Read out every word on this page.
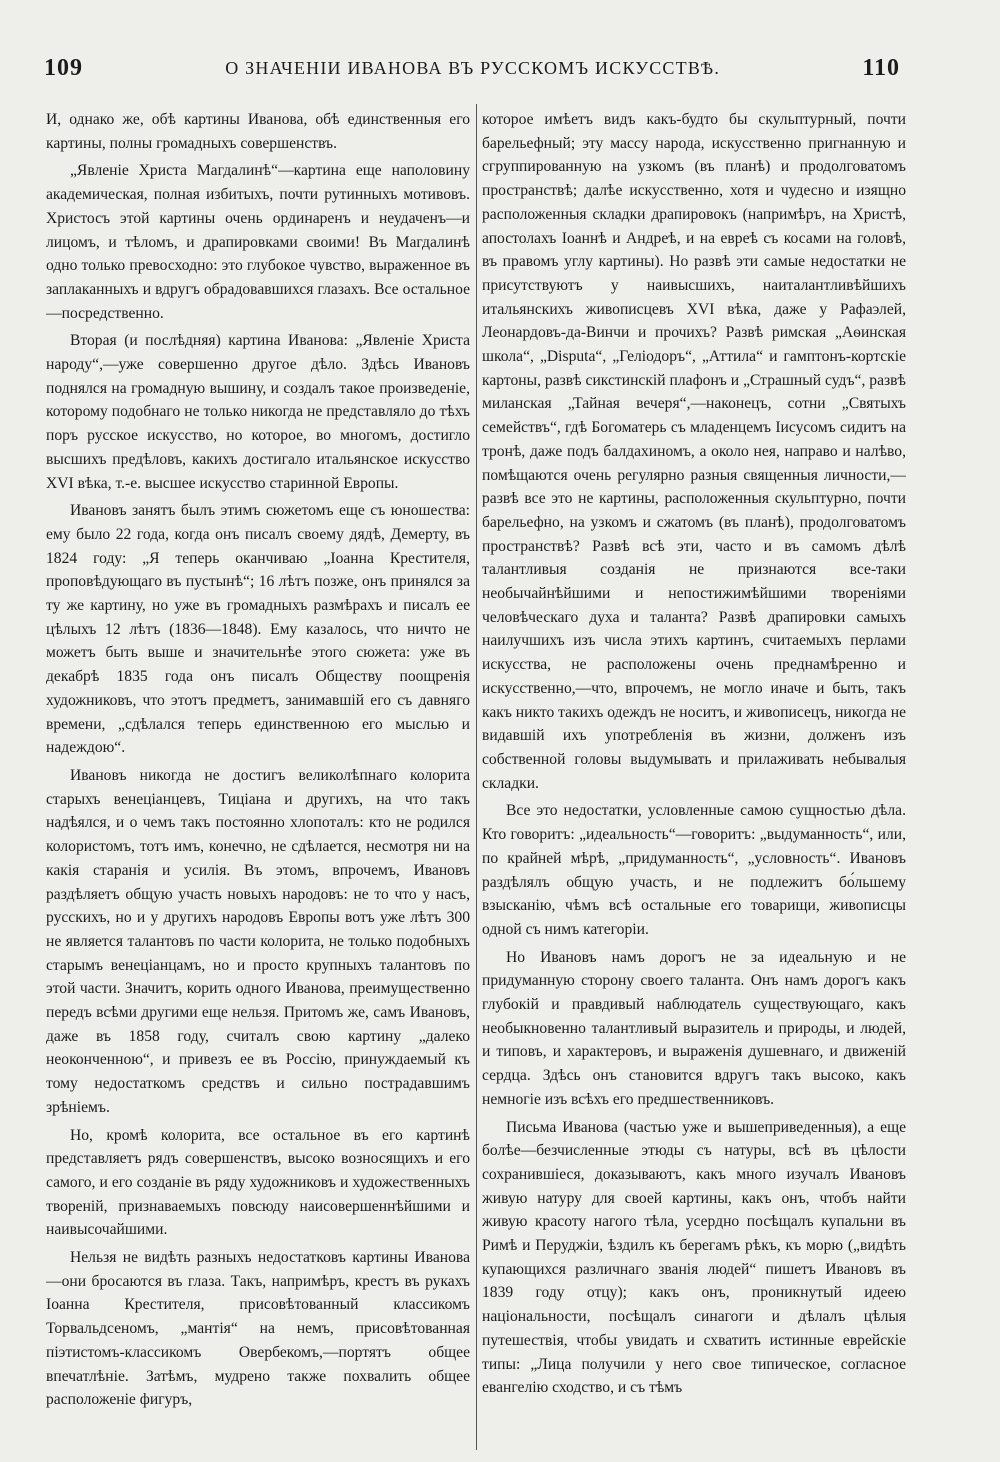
109	О ЗНАЧЕНІИ ИВАНОВА ВЪ РУССКОМЪ ИСКУССТВѢ.	110

И, однако же, обѣ картины Иванова, обѣ единственныя его картины, полны громадныхъ совершенствъ.

„Явленіе Христа Магдалинѣ“—картина еще наполовину академическая, полная избитыхъ, почти рутинныхъ мотивовъ. Христосъ этой картины очень ординаренъ и неудаченъ—и лицомъ, и тѣломъ, и драпировками своими! Въ Магдалинѣ одно только превосходно: это глубокое чувство, выраженное въ заплаканныхъ и вдругъ обрадовавшихся глазахъ. Все остальное—посредственно.

Вторая (и послѣдняя) картина Иванова: „Явленіе Христа народу“,—уже совершенно другое дѣло. Здѣсь Ивановъ поднялся на громадную вышину, и создалъ такое произведеніе, которому подобнаго не только никогда не представляло до тѣхъ поръ русское искусство, но которое, во многомъ, достигло высшихъ предѣловъ, какихъ достигало итальянское искусство XVI вѣка, т.-е. высшее искусство старинной Европы.

Ивановъ занятъ былъ этимъ сюжетомъ еще съ юношества: ему было 22 года, когда онъ писалъ своему дядѣ, Демерту, въ 1824 году: „Я теперь оканчиваю „Іоанна Крестителя, проповѣдующаго въ пустынѣ“; 16 лѣтъ позже, онъ принялся за ту же картину, но уже въ громадныхъ размѣрахъ и писалъ ее цѣлыхъ 12 лѣтъ (1836—1848). Ему казалось, что ничто не можетъ быть выше и значительнѣе этого сюжета: уже въ декабрѣ 1835 года онъ писалъ Обществу поощренія художниковъ, что этотъ предметъ, занимавшій его съ давняго времени, „сдѣлался теперь единственною его мыслью и надеждою“.

Ивановъ никогда не достигъ великолѣпнаго колорита старыхъ венеціанцевъ, Тиціана и другихъ, на что такъ надѣялся, и о чемъ такъ постоянно хлопоталъ: кто не родился колористомъ, тотъ имъ, конечно, не сдѣлается, несмотря ни на какія старанія и усилія. Въ этомъ, впрочемъ, Ивановъ раздѣляетъ общую участь новыхъ народовъ: не то что у насъ, русскихъ, но и у другихъ народовъ Европы вотъ уже лѣтъ 300 не является талантовъ по части колорита, не только подобныхъ старымъ венеціанцамъ, но и просто крупныхъ талантовъ по этой части. Значитъ, корить одного Иванова, преимущественно передъ всѣми другими еще нельзя. Притомъ же, самъ Ивановъ, даже въ 1858 году, считалъ свою картину „далеко неоконченною“, и привезъ ее въ Россію, принуждаемый къ тому недостаткомъ средствъ и сильно пострадавшимъ зрѣніемъ.

Но, кромѣ колорита, все остальное въ его картинѣ представляетъ рядъ совершенствъ, высоко возносящихъ и его самого, и его созданіе въ ряду художниковъ и художественныхъ твореній, признаваемыхъ повсюду наисовершеннѣйшими и наивысочайшими.

Нельзя не видѣть разныхъ недостатковъ картины Иванова—они бросаются въ глаза. Такъ, напримѣръ, крестъ въ рукахъ Іоанна Крестителя, присовѣтованный классикомъ Торвальдсеномъ, „мантія“ на немъ, присовѣтованная піэтистомъ-классикомъ Овербекомъ,—портятъ общее впечатлѣніе. Затѣмъ, мудрено также похвалить общее расположеніе фигуръ,

которое имѣетъ видъ какъ-будто бы скульптурный, почти барельефный; эту массу народа, искусственно пригнанную и сгруппированную на узкомъ (въ планѣ) и продолговатомъ пространствѣ; далѣе искусственно, хотя и чудесно и изящно расположенныя складки драпировокъ (напримѣръ, на Христѣ, апостолахъ Іоаннѣ и Андреѣ, и на евреѣ съ косами на головѣ, въ правомъ углу картины). Но развѣ эти самые недостатки не присутствуютъ у наивысшихъ, наиталантливѣйшихъ итальянскихъ живописцевъ XVI вѣка, даже у Рафаэлей, Леонардовъ-да-Винчи и прочихъ? Развѣ римская „Аѳинская школа“, „Disputa“, „Геліодоръ“, „Аттила“ и гамптонъ-кортскіе картоны, развѣ сикстинскій плафонъ и „Страшный судъ“, развѣ миланская „Тайная вечеря“,—наконецъ, сотни „Святыхъ семействъ“, гдѣ Богоматерь съ младенцемъ Іисусомъ сидитъ на тронѣ, даже подъ балдахиномъ, а около нея, направо и налѣво, помѣщаются очень регулярно разныя священныя личности,—развѣ все это не картины, расположенныя скульптурно, почти барельефно, на узкомъ и сжатомъ (въ планѣ), продолговатомъ пространствѣ? Развѣ всѣ эти, часто и въ самомъ дѣлѣ талантливыя созданія не признаются все-таки необычайнѣйшими и непостижимѣйшими твореніями человѣческаго духа и таланта? Развѣ драпировки самыхъ наилучшихъ изъ числа этихъ картинъ, считаемыхъ перлами искусства, не расположены очень преднамѣренно и искусственно,—что, впрочемъ, не могло иначе и быть, такъ какъ никто такихъ одеждъ не носитъ, и живописецъ, никогда не видавшій ихъ употребленія въ жизни, долженъ изъ собственной головы выдумывать и прилаживать небывалыя складки.

Все это недостатки, условленные самою сущностью дѣла. Кто говоритъ: „идеальность“—говоритъ: „выдуманность“, или, по крайней мѣрѣ, „придуманность“, „условность“. Ивановъ раздѣлялъ общую участь, и не подлежитъ бо́льшему взысканію, чѣмъ всѣ остальные его товарищи, живописцы одной съ нимъ категоріи.

Но Ивановъ намъ дорогъ не за идеальную и не придуманную сторону своего таланта. Онъ намъ дорогъ какъ глубокій и правдивый наблюдатель существующаго, какъ необыкновенно талантливый выразитель и природы, и людей, и типовъ, и характеровъ, и выраженія душевнаго, и движеній сердца. Здѣсь онъ становится вдругъ такъ высоко, какъ немногіе изъ всѣхъ его предшественниковъ.

Письма Иванова (частью уже и вышеприведенныя), а еще болѣе—безчисленные этюды съ натуры, всѣ въ цѣлости сохранившіеся, доказываютъ, какъ много изучалъ Ивановъ живую натуру для своей картины, какъ онъ, чтобъ найти живую красоту нагого тѣла, усердно посѣщалъ купальни въ Римѣ и Перуджіи, ѣздилъ къ берегамъ рѣкъ, къ морю („видѣть купающихся различнаго званія людей“ пишетъ Ивановъ въ 1839 году отцу); какъ онъ, проникнутый идеею національности, посѣщалъ синагоги и дѣлалъ цѣлыя путешествія, чтобы увидать и схватить истинные еврейскіе типы: „Лица получили у него свое типическое, согласное евангелію сходство, и съ тѣмъ
